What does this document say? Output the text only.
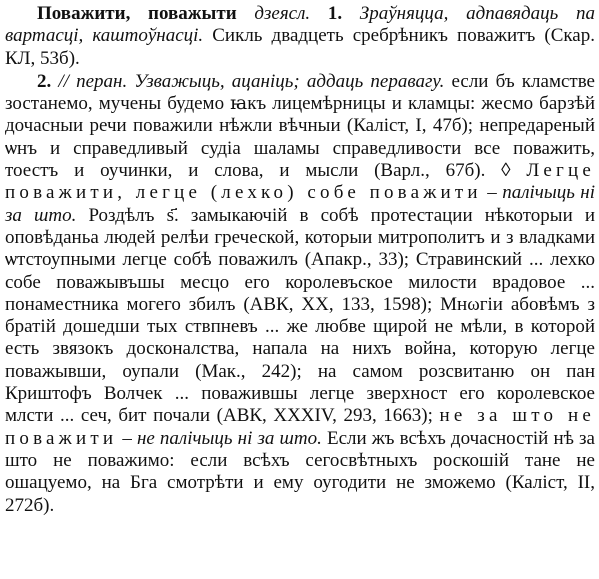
Поважити, поважыти дзеясл. 1. Зраўняцца, адпавядаць па вартасці, каштоўнасці. Сикль двадцеть сребрѣникъ поважитъ (Скар. КЛ, 53б).

2. // перан. Узважыць, ацаніць; аддаць перавагу. если бъ кламстве зостанемо, мучены будемо ꙗкъ лицемѣрницы и кламцы: жесмо барзѣй дочасныи речи поважили нѣжли вѣчныи (Каліст, І, 47б); непредареный ѡнъ и справедливый судіа шаламы справедливости все поважить, тоестъ и оучинки, и слова, и мысли (Варл., 67б). ◊ Легце поважити, легце (лехко) собе поважити – палічыць ні за што. Роздѣлъ ѕ҃. замыкаючій в собѣ протестации нѣкоторыи и оповѣданьа людей релѣи греческой, которыи митрополитъ и з владками ѡтстоупными легце собѣ поважилъ (Апакр., 33); Стравинский ... лехко собе поважывъшы месцо его королевъское милости врадовое ... понаместника могего збилъ (АВК, XX, 133, 1598); Мнωгіи абовѣмъ з братій дошедши тых ствпневъ ... же любве щирой не мѣли, в которой есть звязокъ досконалства, напала на нихъ война, которую легце поважывши, оупали (Мак., 242); на самом розсвитаню он пан Криштофъ Волчек ... поважившы легце зверхност его королевское млсти ... сеч, бит почали (АВК, XXXIV, 293, 1663); не за што не поважити – не палічыць ні за што. Если жъ всѣхъ дочасностій нѣ за што не поважимо: если всѣхъ сегосвѣтныхъ роскошій тане не ошацуемо, на Бга смотрѣти и ему оугодити не зможемо (Каліст, II, 272б).
